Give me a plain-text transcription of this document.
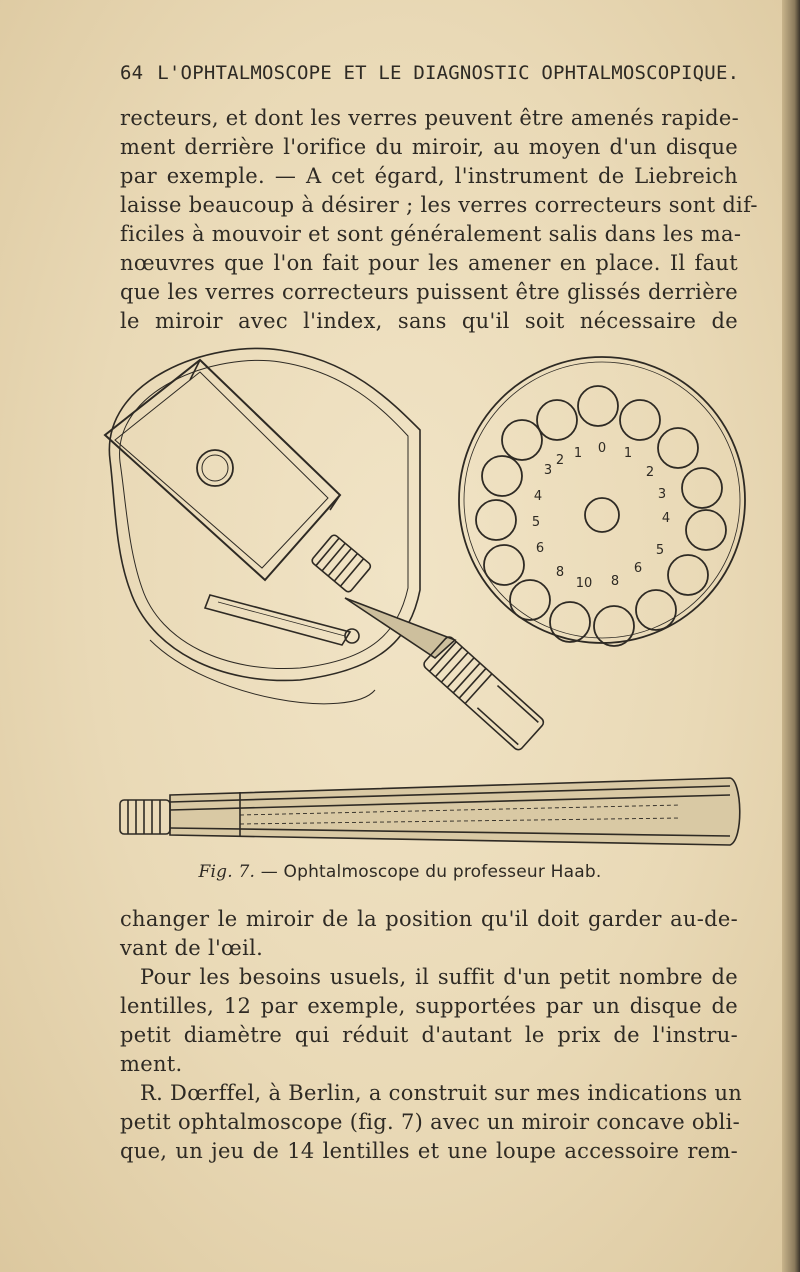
64 L'OPHTALMOSCOPE ET LE DIAGNOSTIC OPHTALMOSCOPIQUE.
recteurs, et dont les verres peuvent être amenés rapide-
ment derrière l'orifice du miroir, au moyen d'un disque
par exemple. — A cet égard, l'instrument de Liebreich
laisse beaucoup à désirer ; les verres correcteurs sont dif-
ficiles à mouvoir et sont généralement salis dans les ma-
nœuvres que l'on fait pour les amener en place. Il faut
que les verres correcteurs puissent être glissés derrière
le miroir avec l'index, sans qu'il soit nécessaire de
1 0 1
2
3
4
5
6
8
10
8
6
5
4
3
2
Fig. 7. — Ophtalmoscope du professeur Haab.
changer le miroir de la position qu'il doit garder au-de-
vant de l'œil.
Pour les besoins usuels, il suffit d'un petit nombre de
lentilles, 12 par exemple, supportées par un disque de
petit diamètre qui réduit d'autant le prix de l'instru-
ment.
R. Dœrffel, à Berlin, a construit sur mes indications un
petit ophtalmoscope (fig. 7) avec un miroir concave obli-
que, un jeu de 14 lentilles et une loupe accessoire rem-
